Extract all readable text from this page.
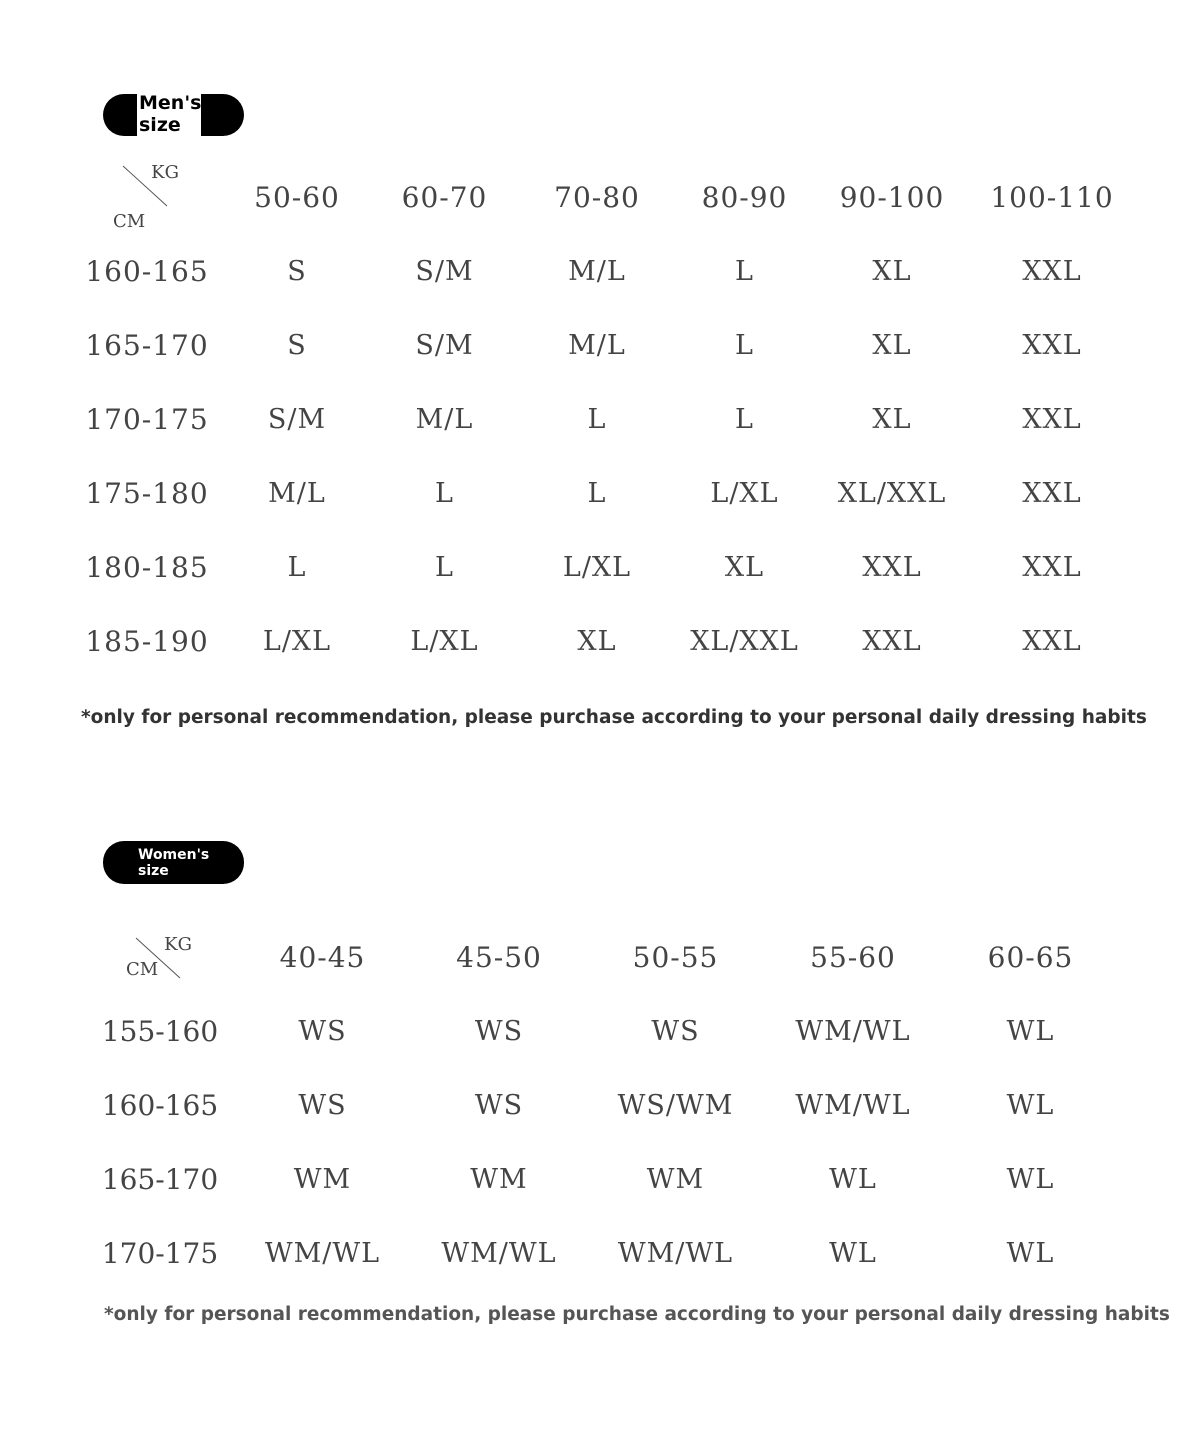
Men's size
KG
CM
50-60 60-70 70-80 80-90 90-100 100-110
160-165	S	S/M	M/L	L	XL	XXL
165-170	S	S/M	M/L	L	XL	XXL
170-175 S/M	M/L	L	L	XL	XXL
175-180 M/L	L	L	L/XL XL/XXL	XXL
180-185	L	L	L/XL	XL	XXL	XXL
185-190 L/XL	L/XL	XL	XL/XXL XXL	XXL
*only for personal recommendation, please purchase according to your personal daily dressing habits
Women's size
KG
CM	40-45	45-50	50-55	55-60	60-65
155-160	WS	WS	WS	WM/WL	WL
160-165	WS	WS	WS/WM WM/WL	WL
165-170	WM	WM	WM	WL	WL
170-175 WM/WL WM/WL WM/WL	WL	WL
*only for personal recommendation, please purchase according to your personal daily dressing habits
